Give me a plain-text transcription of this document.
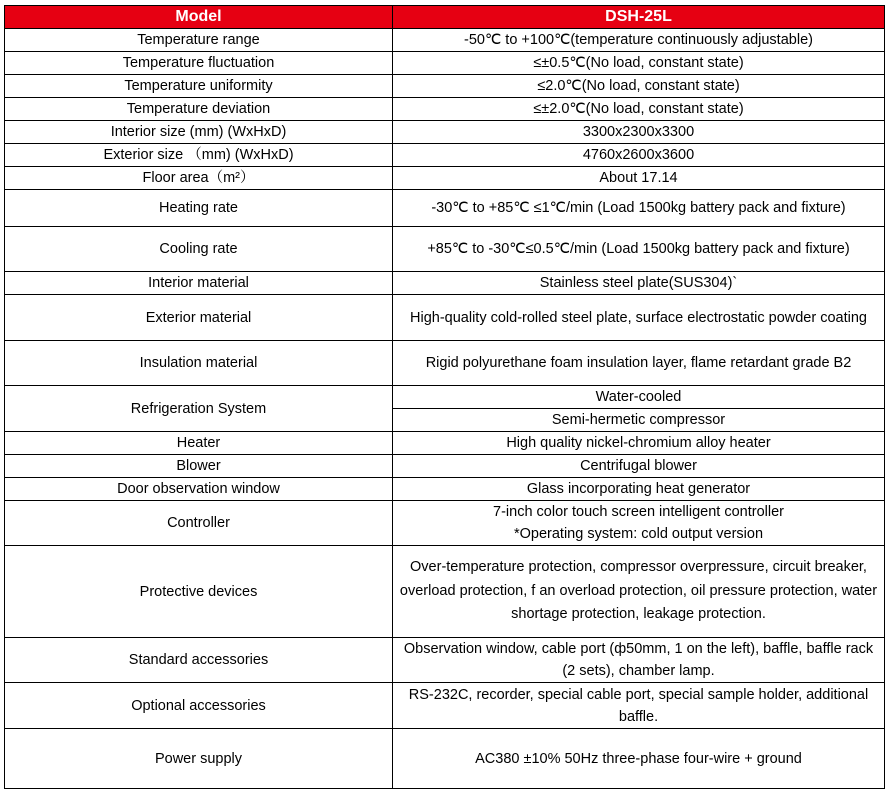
Model	DSH-25L
Temperature range	-50℃ to +100℃(temperature continuously adjustable)
Temperature fluctuation	≤±0.5℃(No load, constant state)
Temperature uniformity	≤2.0℃(No load, constant state)
Temperature deviation	≤±2.0℃(No load, constant state)
Interior size (mm) (WxHxD)	3300x2300x3300
Exterior size （mm) (WxHxD)	4760x2600x3600
Floor area（m²）	About 17.14
Heating rate	-30℃ to +85℃ ≤1℃/min (Load 1500kg battery pack and fixture)
Cooling rate	+85℃ to -30℃≤0.5℃/min (Load 1500kg battery pack and fixture)
Interior material	Stainless steel plate(SUS304)`
Exterior material	High-quality cold-rolled steel plate, surface electrostatic powder coating
Insulation material	Rigid polyurethane foam insulation layer, flame retardant grade B2
Refrigeration System	Water-cooled
	Semi-hermetic compressor
Heater	High quality nickel-chromium alloy heater
Blower	Centrifugal blower
Door observation window	Glass incorporating heat generator
Controller	7-inch color touch screen intelligent controller
*Operating system: cold output version

Protective devices	Over-temperature protection, compressor overpressure, circuit breaker, overload protection, f an overload protection, oil pressure protection, water shortage protection, leakage protection.
Standard accessories	Observation window, cable port (ф50mm, 1 on the left), baffle, baffle rack (2 sets), chamber lamp.
Optional accessories	RS-232C, recorder, special cable port, special sample holder, additional baffle.
Power supply	AC380 ±10% 50Hz three-phase four-wire + ground
